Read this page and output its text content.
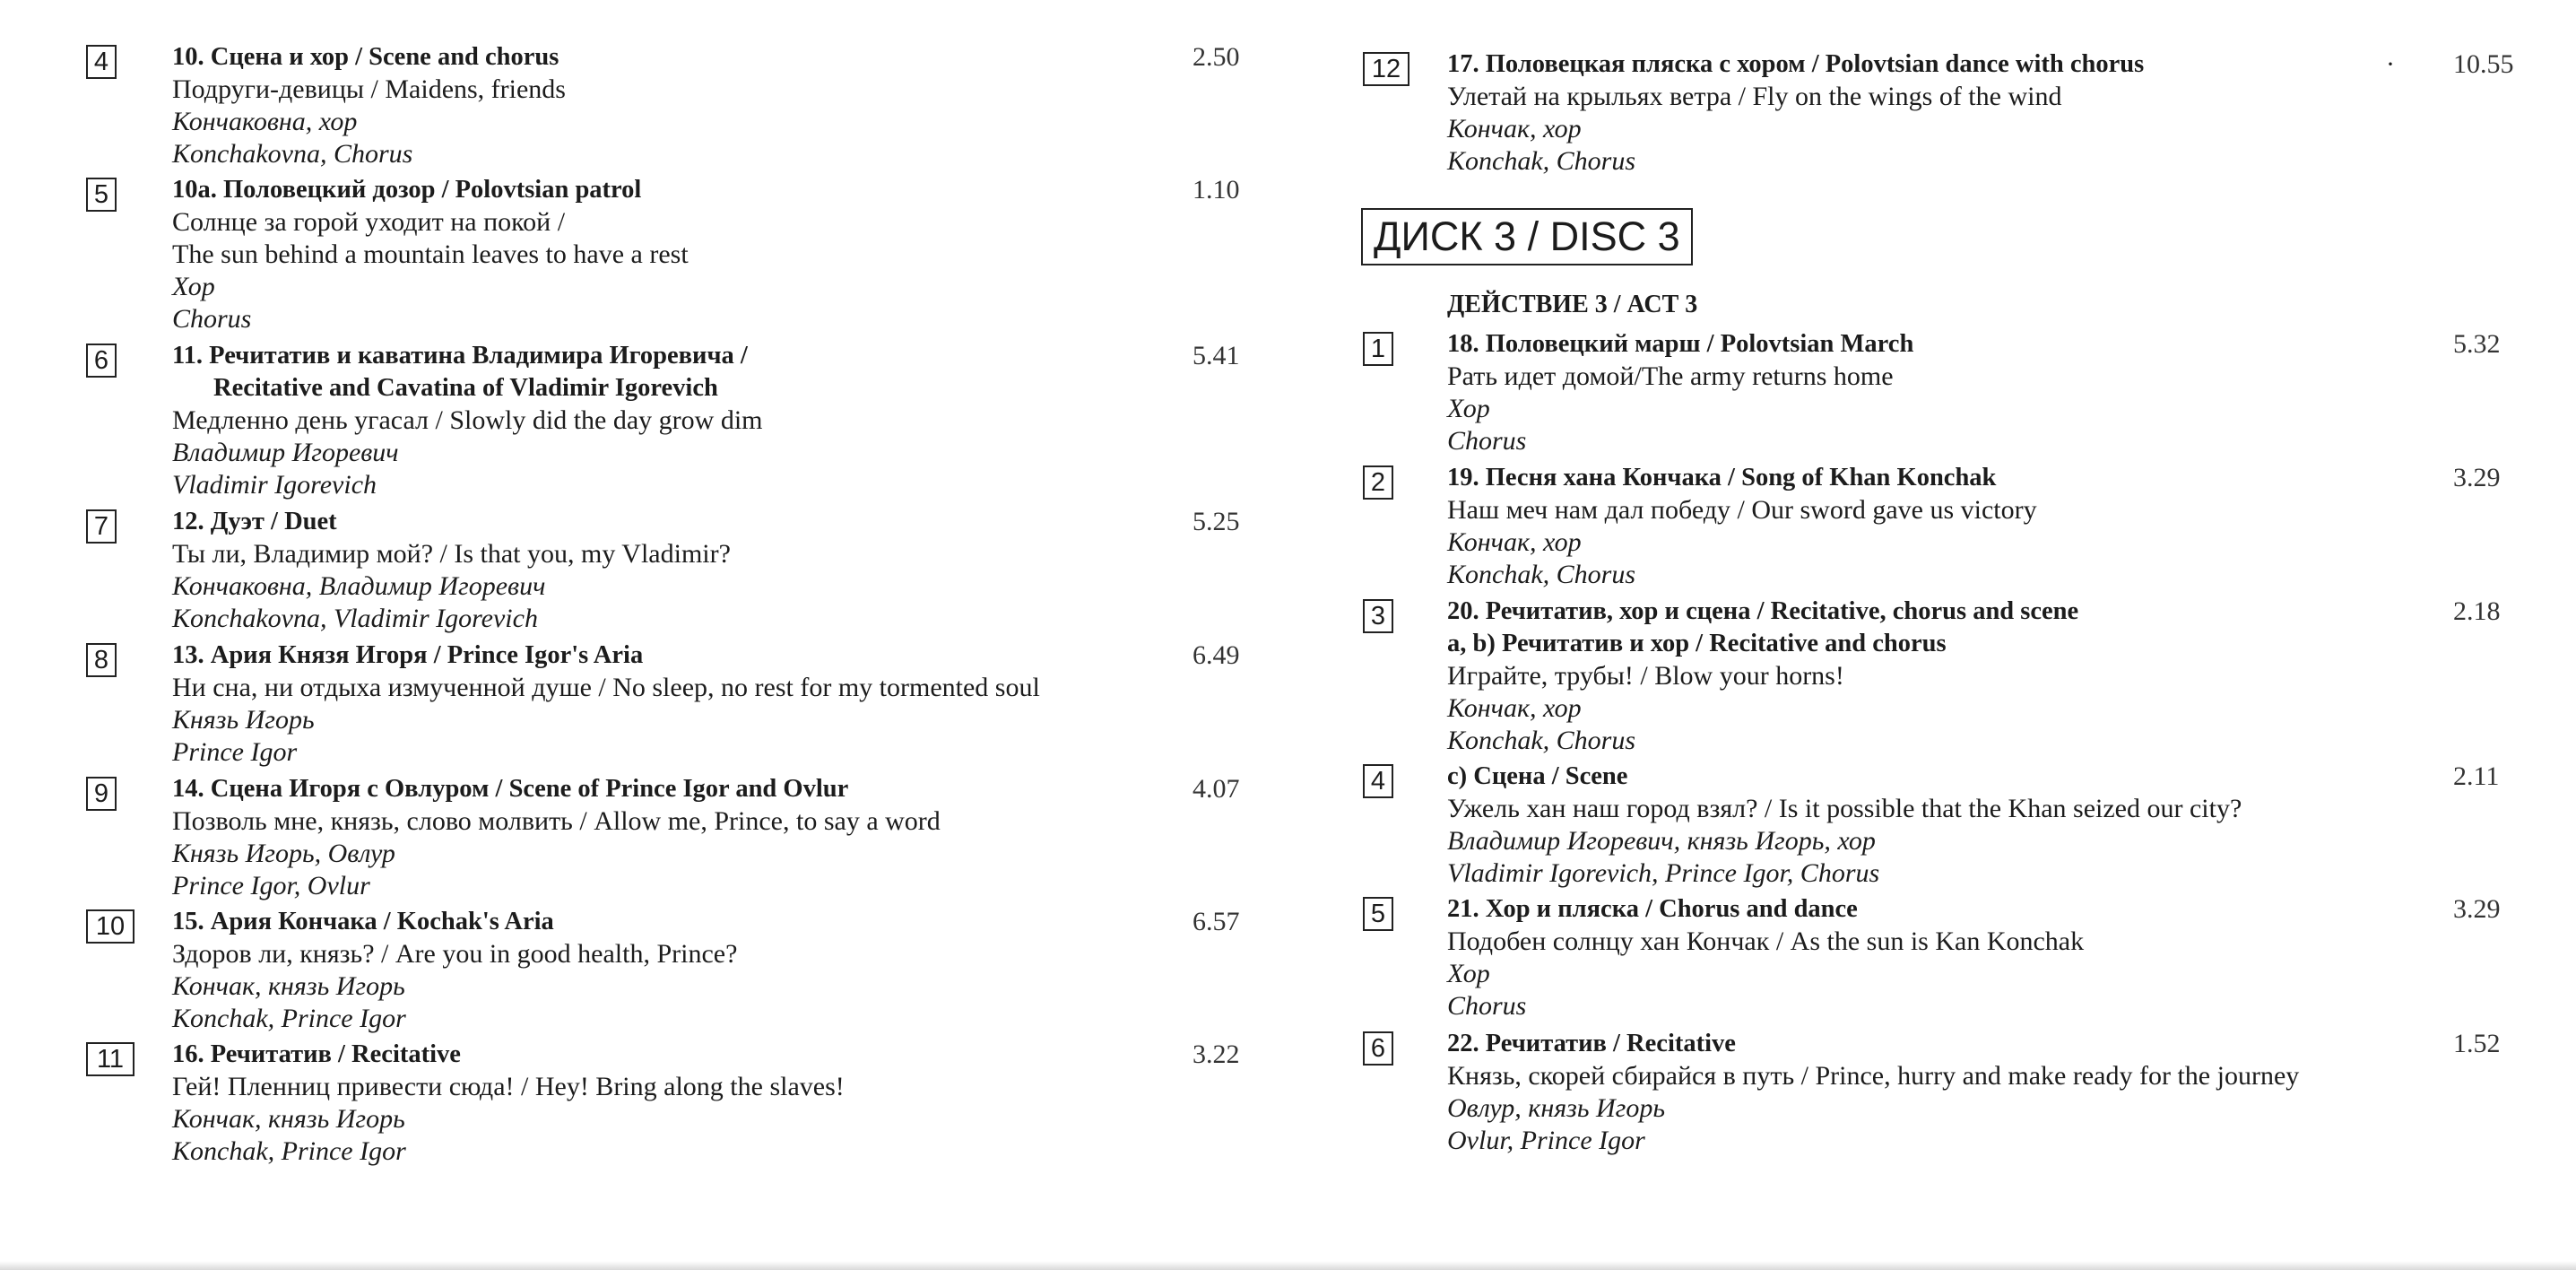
4	10. Сцена и хор / Scene and chorus
Подруги-девицы / Maidens, friends
Кончаковна, хор
Konchakovna, Chorus
2.50
5	10а. Половецкий дозор / Polovtsian patrol
Солнце за горой уходит на покой /
The sun behind a mountain leaves to have a rest
Хор
Chorus
1.10
6	11. Речитатив и каватина Владимира Игоревича /
Recitative and Cavatina of Vladimir Igorevich
Медленно день угасал / Slowly did the day grow dim
Владимир Игоревич
Vladimir Igorevich
5.41
7	12. Дуэт / Duet
Ты ли, Владимир мой? / Is that you, my Vladimir?
Кончаковна, Владимир Игоревич
Konchakovna, Vladimir Igorevich
5.25
8	13. Ария Князя Игоря / Prince Igor's Aria
Ни сна, ни отдыха измученной душе / No sleep, no rest for my tormented soul
Князь Игорь
Prince Igor
6.49
9	14. Сцена Игоря с Овлуром / Scene of Prince Igor and Ovlur
Позволь мне, князь, слово молвить / Allow me, Prince, to say a word
Князь Игорь, Овлур
Prince Igor, Ovlur
4.07
10	15. Ария Кончака / Kochak's Aria
Здоров ли, князь? / Are you in good health, Prince?
Кончак, князь Игорь
Konchak, Prince Igor
6.57
11	16. Речитатив / Recitative
Гей! Пленниц привести сюда! / Hey! Bring along the slaves!
Кончак, князь Игорь
Konchak, Prince Igor
3.22
12	17. Половецкая пляска с хором / Polovtsian dance with chorus
Улетай на крыльях ветра / Fly on the wings of the wind
Кончак, хор
Konchak, Chorus
· 10.55
ДИСК 3 / DISC 3
ДЕЙСТВИЕ 3 / АСТ 3
1	18. Половецкий марш / Polovtsian March
Рать идет домой/The army returns home
Хор
Chorus
5.32
2	19. Песня хана Кончака / Song of Khan Konchak
Наш меч нам дал победу / Our sword gave us victory
Кончак, хор
Konchak, Chorus
3.29
3	20. Речитатив, хор и сцена / Recitative, chorus and scene
a, b) Речитатив и хор / Recitative and chorus
Играйте, трубы! / Blow your horns!
Кончак, хор
Konchak, Chorus
2.18
4	c) Сцена / Scene
Ужель хан наш город взял? / Is it possible that the Khan seized our city?
Владимир Игоревич, князь Игорь, хор
Vladimir Igorevich, Prince Igor, Chorus
2.11
5	21. Хор и пляска / Chorus and dance
Подобен солнцу хан Кончак / As the sun is Kan Konchak
Хор
Chorus
3.29
6	22. Речитатив / Recitative
Князь, скорей сбирайся в путь / Prince, hurry and make ready for the journey
Овлур, князь Игорь
Ovlur, Prince Igor
1.52
